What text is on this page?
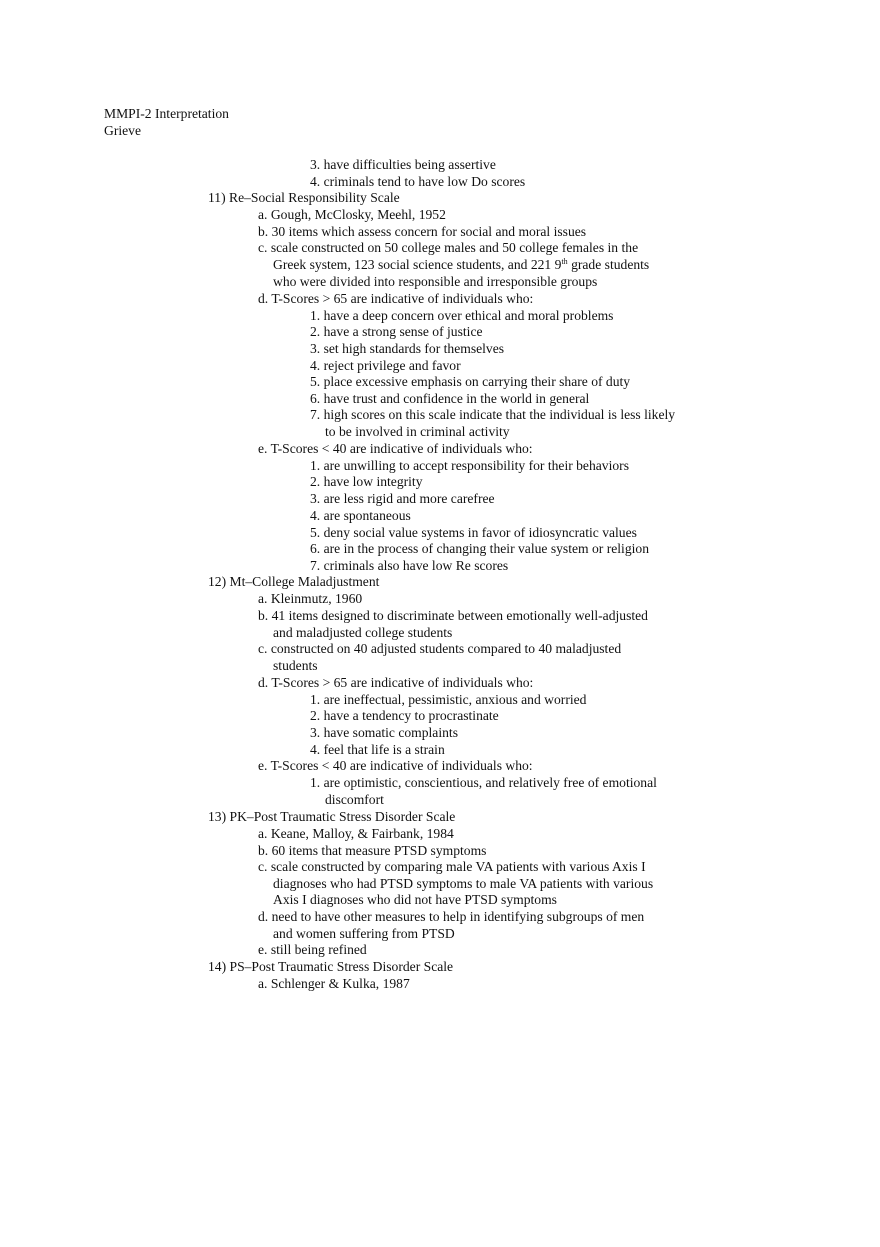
MMPI-2 Interpretation
Grieve
3. have difficulties being assertive
4. criminals tend to have low Do scores
11) Re–Social Responsibility Scale
a. Gough, McClosky, Meehl, 1952
b. 30 items which assess concern for social and moral issues
c. scale constructed on 50 college males and 50 college females in the
Greek system, 123 social science students, and 221 9th grade students
who were divided into responsible and irresponsible groups
d. T-Scores > 65 are indicative of individuals who:
1. have a deep concern over ethical and moral problems
2. have a strong sense of justice
3. set high standards for themselves
4. reject privilege and favor
5. place excessive emphasis on carrying their share of duty
6. have trust and confidence in the world in general
7. high scores on this scale indicate that the individual is less likely
to be involved in criminal activity
e. T-Scores < 40 are indicative of individuals who:
1. are unwilling to accept responsibility for their behaviors
2. have low integrity
3. are less rigid and more carefree
4. are spontaneous
5. deny social value systems in favor of idiosyncratic values
6. are in the process of changing their value system or religion
7. criminals also have low Re scores
12) Mt–College Maladjustment
a. Kleinmutz, 1960
b. 41 items designed to discriminate between emotionally well-adjusted
and maladjusted college students
c. constructed on 40 adjusted students compared to 40 maladjusted
students
d. T-Scores > 65 are indicative of individuals who:
1. are ineffectual, pessimistic, anxious and worried
2. have a tendency to procrastinate
3. have somatic complaints
4. feel that life is a strain
e. T-Scores < 40 are indicative of individuals who:
1. are optimistic, conscientious, and relatively free of emotional
discomfort
13) PK–Post Traumatic Stress Disorder Scale
a. Keane, Malloy, & Fairbank, 1984
b. 60 items that measure PTSD symptoms
c. scale constructed by comparing male VA patients with various Axis I
diagnoses who had PTSD symptoms to male VA patients with various
Axis I diagnoses who did not have PTSD symptoms
d. need to have other measures to help in identifying subgroups of men
and women suffering from PTSD
e. still being refined
14) PS–Post Traumatic Stress Disorder Scale
a. Schlenger & Kulka, 1987
